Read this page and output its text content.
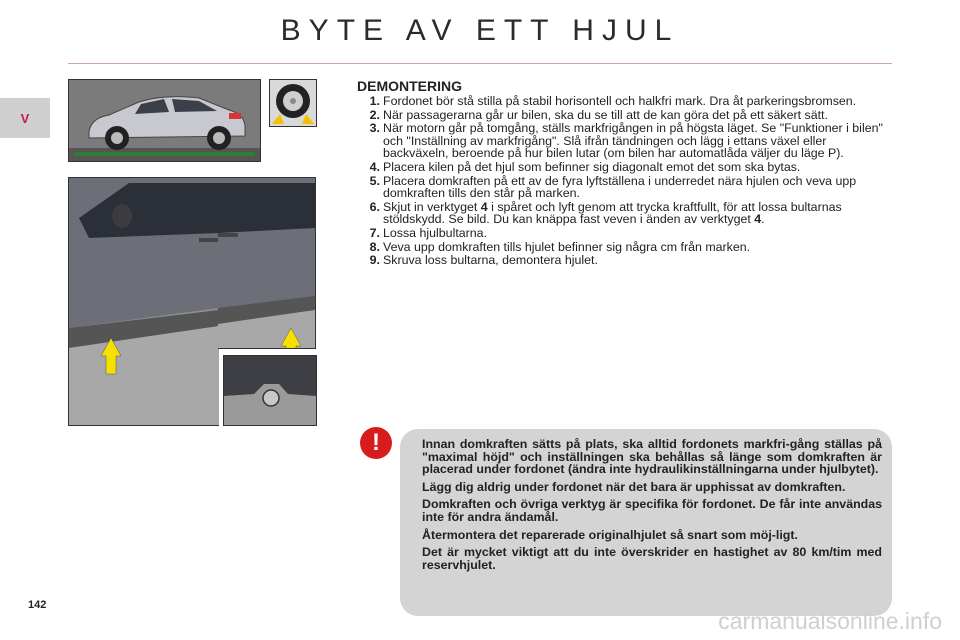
BYTE AV ETT HJUL
V
DEMONTERING
1. Fordonet bör stå stilla på stabil horisontell och halkfri mark. Dra åt parkeringsbromsen.
2. När passagerarna går ur bilen, ska du se till att de kan göra det på ett säkert sätt.
3. När motorn går på tomgång, ställs markfrigången in på högsta läget. Se "Funktioner i bilen" och "Inställning av markfrigång". Slå ifrån tändningen och lägg i ettans växel eller backväxeln, beroende på hur bilen lutar (om bilen har automatlåda väljer du läge P).
4. Placera kilen på det hjul som befinner sig diagonalt emot det som ska bytas.
5. Placera domkraften på ett av de fyra lyftställena i underredet nära hjulen och veva upp domkraften tills den står på marken.
6. Skjut in verktyget 4 i spåret och lyft genom att trycka kraftfullt, för att lossa bultarnas stöldskydd. Se bild. Du kan knäppa fast veven i änden av verktyget 4.
7. Lossa hjulbultarna.
8. Veva upp domkraften tills hjulet befinner sig några cm från marken.
9. Skruva loss bultarna, demontera hjulet.
!	Innan domkraften sätts på plats, ska alltid fordonets markfri-gång ställas på "maximal höjd" och inställningen ska behållas så länge som domkraften är placerad under fordonet (ändra inte hydraulikinställningarna under hjulbytet).

Lägg dig aldrig under fordonet när det bara är upphissat av domkraften.

Domkraften och övriga verktyg är specifika för fordonet. De får inte användas inte för andra ändamål.

Återmontera det reparerade originalhjulet så snart som möj-ligt.

Det är mycket viktigt att du inte överskrider en hastighet av 80 km/tim med reservhjulet.

142
carmanualsonline.info
